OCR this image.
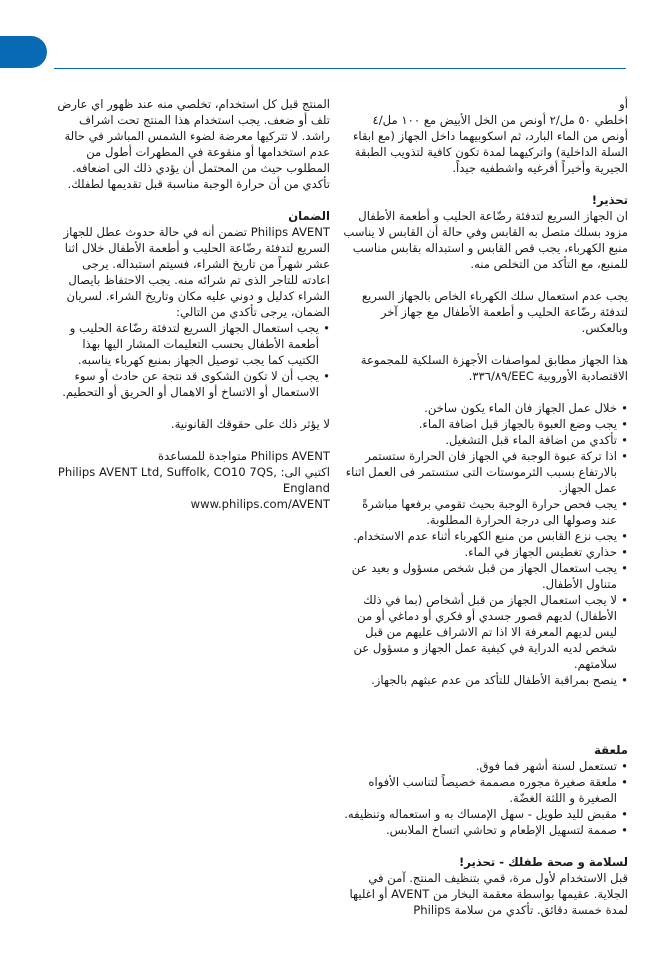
أو

اخلطي ٥٠ مل/٢ أونص من الخل الأبيض مع ١٠٠ مل/٤ أونص من الماء البارد، ثم اسكوبيهما داخل الجهاز (مع ابقاء السلة الداخلية) واتركيهما لمدة تكون كافية لتذويب الطبقة الجيرية وأخيراً أفرغيه واشطفيه جيداً.

تحذير!

ان الجهاز السريع لتدفئة رضّاعة الحليب و أطعمة الأطفال مزود بسلك متصل به القابس وفي حالة أن القابس لا يناسب منبع الكهرباء، يجب قص القابس و استبداله بقابس مناسب للمنبع، مع التأكد من التخلص منه.

يجب عدم استعمال سلك الكهرباء الخاص بالجهاز السريع لتدفئة رضّاعة الحليب و أطعمة الأطفال مع جهاز آخر وبالعكس.

هذا الجهاز مطابق لمواصفات الأجهزة السلكية للمجموعة الاقتصادية الأوروبية EEC/٣٣٦/٨٩.

• خلال عمل الجهاز فان الماء يكون ساخن.
• يجب وضع العبوة بالجهاز قبل اضافة الماء.
• تأكدي من اضافة الماء قبل التشغيل.
• اذا تركة عبوة الوجبة في الجهاز فان الحرارة ستستمر بالارتفاع بسبب الثرموستات التى ستستمر فى العمل اثناء عمل الجهاز.
• يجب فحص حرارة الوجبة بحيث تقومي برفعها مباشرةً عند وصولها الى درجة الحرارة المطلوبة.
• يجب نزع القابس من منبع الكهرباء أثناء عدم الاستخدام.
• حذاري تغطيس الجهاز في الماء.
• يجب استعمال الجهاز من قبل شخص مسؤول و بعيد عن متناول الأطفال.
• لا يجب استعمال الجهاز من قبل أشخاص (بما في ذلك الأطفال) لديهم قصور جسدي أو فكري أو دماغي أو من ليس لديهم المعرفة الا اذا تم الاشراف عليهم من قبل شخص لديه الدراية في كيفية عمل الجهاز و مسؤول عن سلامتهم.
• ينصح بمراقبة الأطفال للتأكد من عدم عبثهم بالجهاز.

ملعقة

• تستعمل لسنة أشهر فما فوق.
• ملعقة صغيرة مجوره مصممة خصيصاً لتناسب الأفواه الصغيرة و اللثة الغضّة.
• مقبض لليد طويل - سهل الإمساك به و استعماله وتنظيفه.
• صممة لتسهيل الإطعام و تحاشي اتساخ الملابس.

لسلامة و صحة طفلك - تحذير!

قبل الاستخدام لأول مرة، قمي بتنظيف المنتج. آمن في الجلاية. عقيمها بواسطة معقمة البخار من AVENT أو اغليها لمدة خمسة دقائق. تأكدي من سلامة Philips

المنتج قبل كل استخدام، تخلصي منه عند ظهور اي عارض تلف أو ضعف. يجب استخدام هذا المنتج تحت اشراف راشد. لا تتركيها معرضة لضوء الشمس المباشر في حالة عدم استخدامها أو منقوعة في المطهرات أطول من المطلوب حيث من المحتمل أن يؤدي ذلك الى اضعافه. تأكدي من أن حرارة الوجبة مناسبة قبل تقديمها لطفلك.

الضمان

Philips AVENT تضمن أنه في حالة حدوث عطل للجهاز السريع لتدفئة رضّاعة الحليب و أطعمة الأطفال خلال اثنا عشر شهراً من تاريخ الشراء، فسيتم استبداله. يرجى اعادته للتاجر الذى تم شرائه منه. يجب الاحتفاظ بايصال الشراء كدليل و دوني عليه مكان وتاريخ الشراء. لسريان الضمان، يرجى تأكدي من التالي:

• يجب استعمال الجهاز السريع لتدفئة رضّاعة الحليب و أطعمة الأطفال بحسب التعليمات المشار اليها بهذا الكتيب كما يجب توصيل الجهاز بمنبع كهرباء يناسبه.
• يجب أن لا تكون الشكوى قد نتجة عن حادث أو سوء الاستعمال أو الاتساخ أو الاهمال أو الحريق أو التحطيم.

لا يؤثر ذلك على حقوقك القانونية.

Philips AVENT متواجدة للمساعدة

اكتبي الى: Philips AVENT Ltd, Suffolk, CO10 7QS, England

www.philips.com/AVENT
